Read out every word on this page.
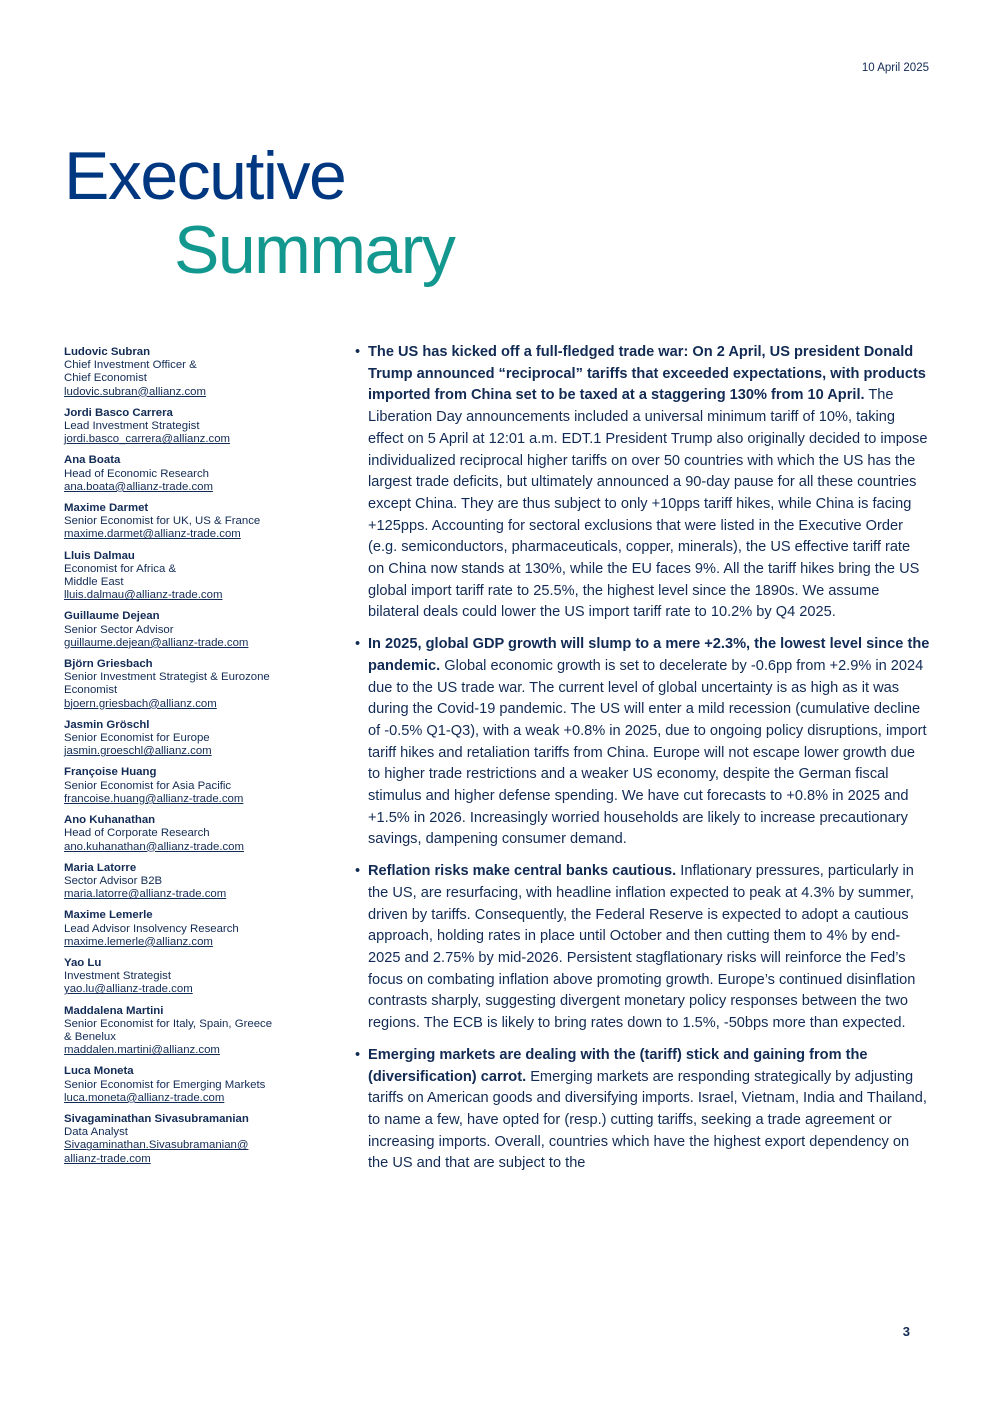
10 April 2025
Executive
Summary
Ludovic Subran
Chief Investment Officer &
Chief Economist
ludovic.subran@allianz.com
Jordi Basco Carrera
Lead Investment Strategist
jordi.basco_carrera@allianz.com
Ana Boata
Head of Economic Research
ana.boata@allianz-trade.com
Maxime Darmet
Senior Economist for UK, US & France
maxime.darmet@allianz-trade.com
Lluis Dalmau
Economist for Africa &
Middle East
lluis.dalmau@allianz-trade.com
Guillaume Dejean
Senior Sector Advisor
guillaume.dejean@allianz-trade.com
Björn Griesbach
Senior Investment Strategist & Eurozone
Economist
bjoern.griesbach@allianz.com
Jasmin Gröschl
Senior Economist for Europe
jasmin.groeschl@allianz.com
Françoise Huang
Senior Economist for Asia Pacific
francoise.huang@allianz-trade.com
Ano Kuhanathan
Head of Corporate Research
ano.kuhanathan@allianz-trade.com
Maria Latorre
Sector Advisor B2B
maria.latorre@allianz-trade.com
Maxime Lemerle
Lead Advisor Insolvency Research
maxime.lemerle@allianz.com
Yao Lu
Investment Strategist
yao.lu@allianz-trade.com
Maddalena Martini
Senior Economist for Italy, Spain, Greece
& Benelux
maddalen.martini@allianz.com
Luca Moneta
Senior Economist for Emerging Markets
luca.moneta@allianz-trade.com
Sivagaminathan Sivasubramanian
Data Analyst
Sivagaminathan.Sivasubramanian@
allianz-trade.com
• The US has kicked off a full-fledged trade war: On 2 April, US president Donald Trump announced “reciprocal” tariffs that exceeded expectations, with products imported from China set to be taxed at a staggering 130% from 10 April. The Liberation Day announcements included a universal minimum tariff of 10%, taking effect on 5 April at 12:01 a.m. EDT.1 President Trump also originally decided to impose individualized reciprocal higher tariffs on over 50 countries with which the US has the largest trade deficits, but ultimately announced a 90-day pause for all these countries except China. They are thus subject to only +10pps tariff hikes, while China is facing +125pps. Accounting for sectoral exclusions that were listed in the Executive Order (e.g. semiconductors, pharmaceuticals, copper, minerals), the US effective tariff rate on China now stands at 130%, while the EU faces 9%. All the tariff hikes bring the US global import tariff rate to 25.5%, the highest level since the 1890s. We assume bilateral deals could lower the US import tariff rate to 10.2% by Q4 2025.
• In 2025, global GDP growth will slump to a mere +2.3%, the lowest level since the pandemic. Global economic growth is set to decelerate by -0.6pp from +2.9% in 2024 due to the US trade war. The current level of global uncertainty is as high as it was during the Covid-19 pandemic. The US will enter a mild recession (cumulative decline of -0.5% Q1-Q3), with a weak +0.8% in 2025, due to ongoing policy disruptions, import tariff hikes and retaliation tariffs from China. Europe will not escape lower growth due to higher trade restrictions and a weaker US economy, despite the German fiscal stimulus and higher defense spending. We have cut forecasts to +0.8% in 2025 and +1.5% in 2026. Increasingly worried households are likely to increase precautionary savings, dampening consumer demand.
• Reflation risks make central banks cautious. Inflationary pressures, particularly in the US, are resurfacing, with headline inflation expected to peak at 4.3% by summer, driven by tariffs. Consequently, the Federal Reserve is expected to adopt a cautious approach, holding rates in place until October and then cutting them to 4% by end-2025 and 2.75% by mid-2026. Persistent stagflationary risks will reinforce the Fed’s focus on combating inflation above promoting growth. Europe’s continued disinflation contrasts sharply, suggesting divergent monetary policy responses between the two regions. The ECB is likely to bring rates down to 1.5%, -50bps more than expected.
• Emerging markets are dealing with the (tariff) stick and gaining from the (diversification) carrot. Emerging markets are responding strategically by adjusting tariffs on American goods and diversifying imports. Israel, Vietnam, India and Thailand, to name a few, have opted for (resp.) cutting tariffs, seeking a trade agreement or increasing imports. Overall, countries which have the highest export dependency on the US and that are subject to the
3
